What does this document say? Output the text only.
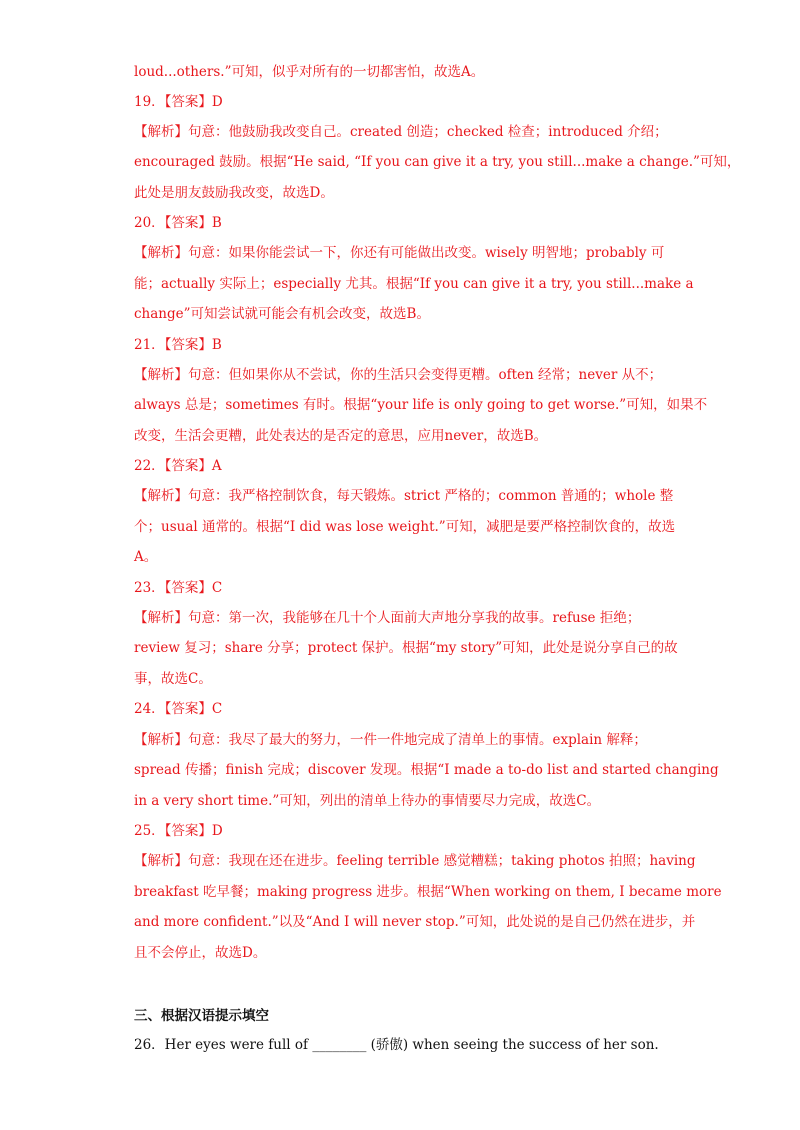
loud...others.”可知，似乎对所有的一切都害怕，故选A。
19．【答案】D
【解析】句意：他鼓励我改变自己。created 创造；checked 检查；introduced 介绍；
encouraged 鼓励。根据“He said, “If you can give it a try, you still...make a change.”可知，
此处是朋友鼓励我改变，故选D。
20．【答案】B
【解析】句意：如果你能尝试一下，你还有可能做出改变。wisely 明智地；probably 可
能；actually 实际上；especially 尤其。根据“If you can give it a try, you still...make a
change”可知尝试就可能会有机会改变，故选B。
21．【答案】B
【解析】句意：但如果你从不尝试，你的生活只会变得更糟。often 经常；never 从不；
always 总是；sometimes 有时。根据“your life is only going to get worse.”可知，如果不
改变，生活会更糟，此处表达的是否定的意思，应用never，故选B。
22．【答案】A
【解析】句意：我严格控制饮食，每天锻炼。strict 严格的；common 普通的；whole 整
个；usual 通常的。根据“I did was lose weight.”可知，减肥是要严格控制饮食的，故选
A。
23．【答案】C
【解析】句意：第一次，我能够在几十个人面前大声地分享我的故事。refuse 拒绝；
review 复习；share 分享；protect 保护。根据“my story”可知，此处是说分享自己的故
事，故选C。
24．【答案】C
【解析】句意：我尽了最大的努力，一件一件地完成了清单上的事情。explain 解释；
spread 传播；finish 完成；discover 发现。根据“I made a to-do list and started changing
in a very short time.”可知，列出的清单上待办的事情要尽力完成，故选C。
25．【答案】D
【解析】句意：我现在还在进步。feeling terrible 感觉糟糕；taking photos 拍照；having
breakfast 吃早餐；making progress 进步。根据“When working on them, I became more
and more confident.”以及“And I will never stop.”可知，此处说的是自己仍然在进步，并
且不会停止，故选D。
三、根据汉语提示填空
26．Her eyes were full of ________ (骄傲) when seeing the success of her son.
